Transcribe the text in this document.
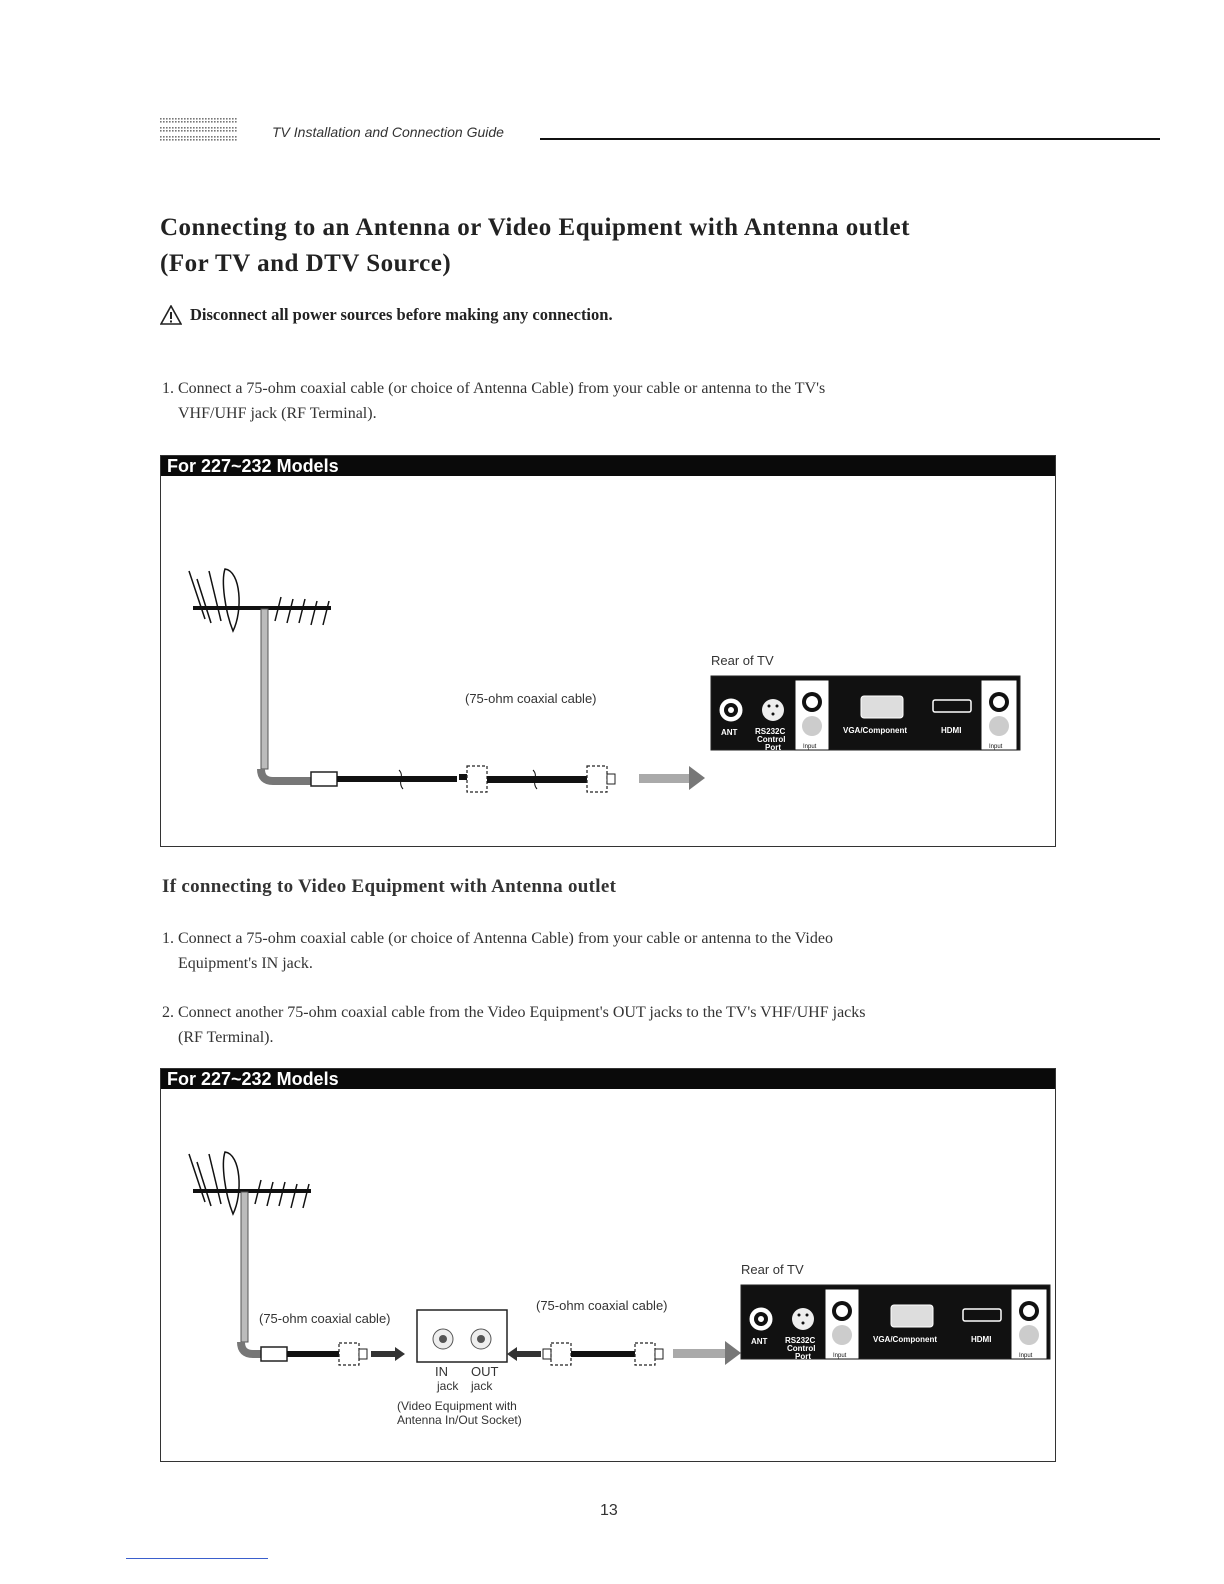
TV Installation and Connection Guide
Connecting to an Antenna or Video Equipment with Antenna outlet
(For TV and DTV Source)
Disconnect all power sources before making any connection.
1. Connect a 75-ohm coaxial cable (or choice of Antenna Cable) from your cable or antenna to the TV's
VHF/UHF jack (RF Terminal).
For 227~232 Models
(75-ohm coaxial cable)
Rear of TV
ANT RS232C
Control
Port	Input
VGA/Component	HDMI
Input
If connecting to Video Equipment with Antenna outlet
1. Connect a 75-ohm coaxial cable (or choice of Antenna Cable) from your cable or antenna to the Video
Equipment's IN jack.
2. Connect another 75-ohm coaxial cable from the Video Equipment's OUT jacks to the TV's VHF/UHF jacks
(RF Terminal).
For 227~232 Models
(75-ohm coaxial cable)
IN OUT
jack jack
(Video Equipment with
Antenna In/Out Socket)
(75-ohm coaxial cable)
Rear of TV
ANT RS232C
Control
Port	Input
VGA/Component	HDMI
Input
13
